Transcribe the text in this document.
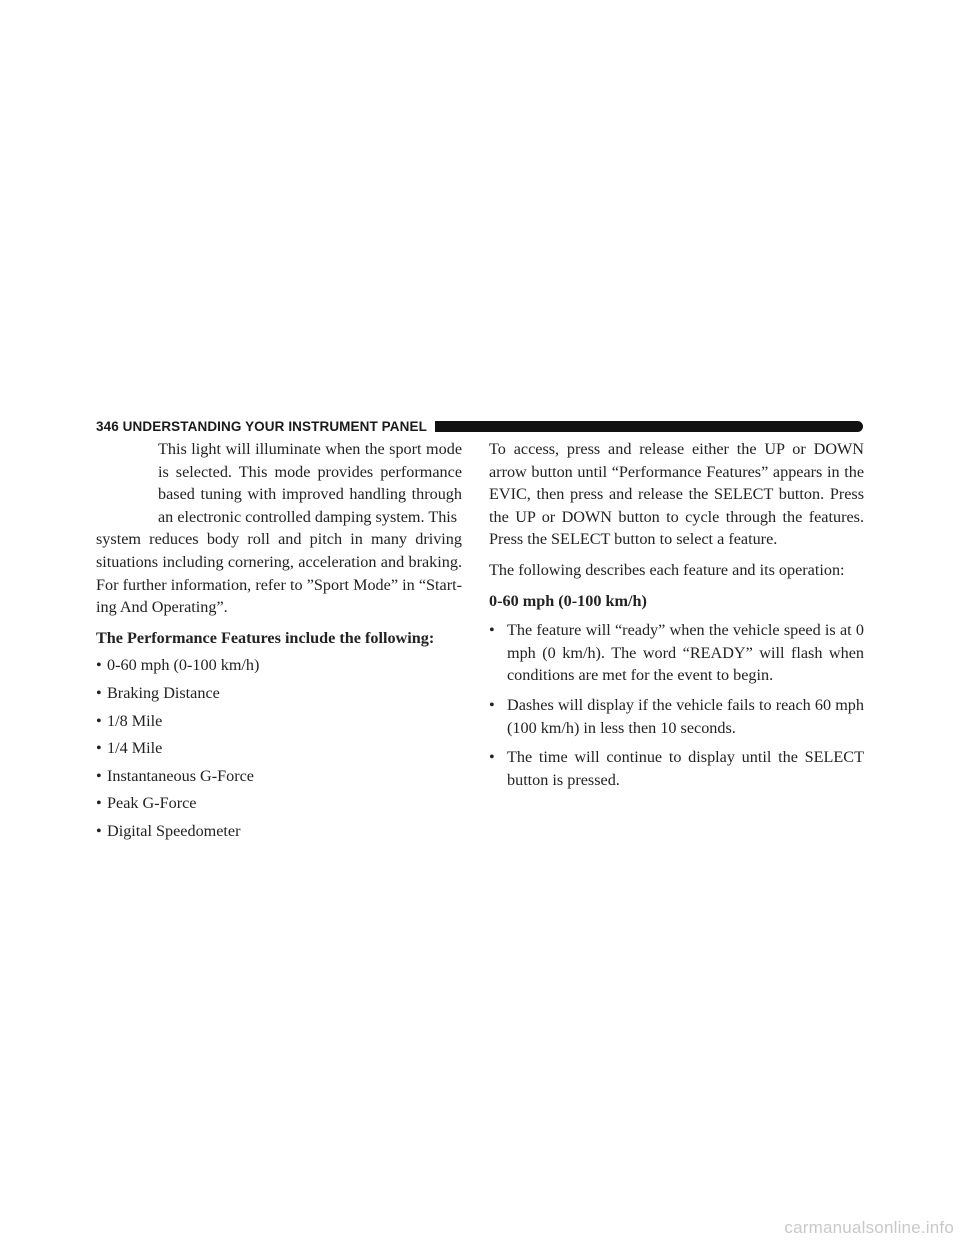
346 UNDERSTANDING YOUR INSTRUMENT PANEL

This light will illuminate when the sport mode is selected. This mode provides performance based tuning with improved handling through an electronic controlled damping system. This

system reduces body roll and pitch in many driving situations including cornering, acceleration and braking. For further information, refer to ”Sport Mode” in “Start-ing And Operating”.

The Performance Features include the following:

• 0-60 mph (0-100 km/h)
• Braking Distance
• 1/8 Mile
• 1/4 Mile
• Instantaneous G-Force
• Peak G-Force
• Digital Speedometer

To access, press and release either the UP or DOWN arrow button until “Performance Features” appears in the EVIC, then press and release the SELECT button. Press the UP or DOWN button to cycle through the features. Press the SELECT button to select a feature.

The following describes each feature and its operation:

0-60 mph (0-100 km/h)

• The feature will “ready” when the vehicle speed is at 0 mph (0 km/h). The word “READY” will flash when conditions are met for the event to begin.
• Dashes will display if the vehicle fails to reach 60 mph (100 km/h) in less then 10 seconds.
• The time will continue to display until the SELECT button is pressed.
carmanualsonline.info
